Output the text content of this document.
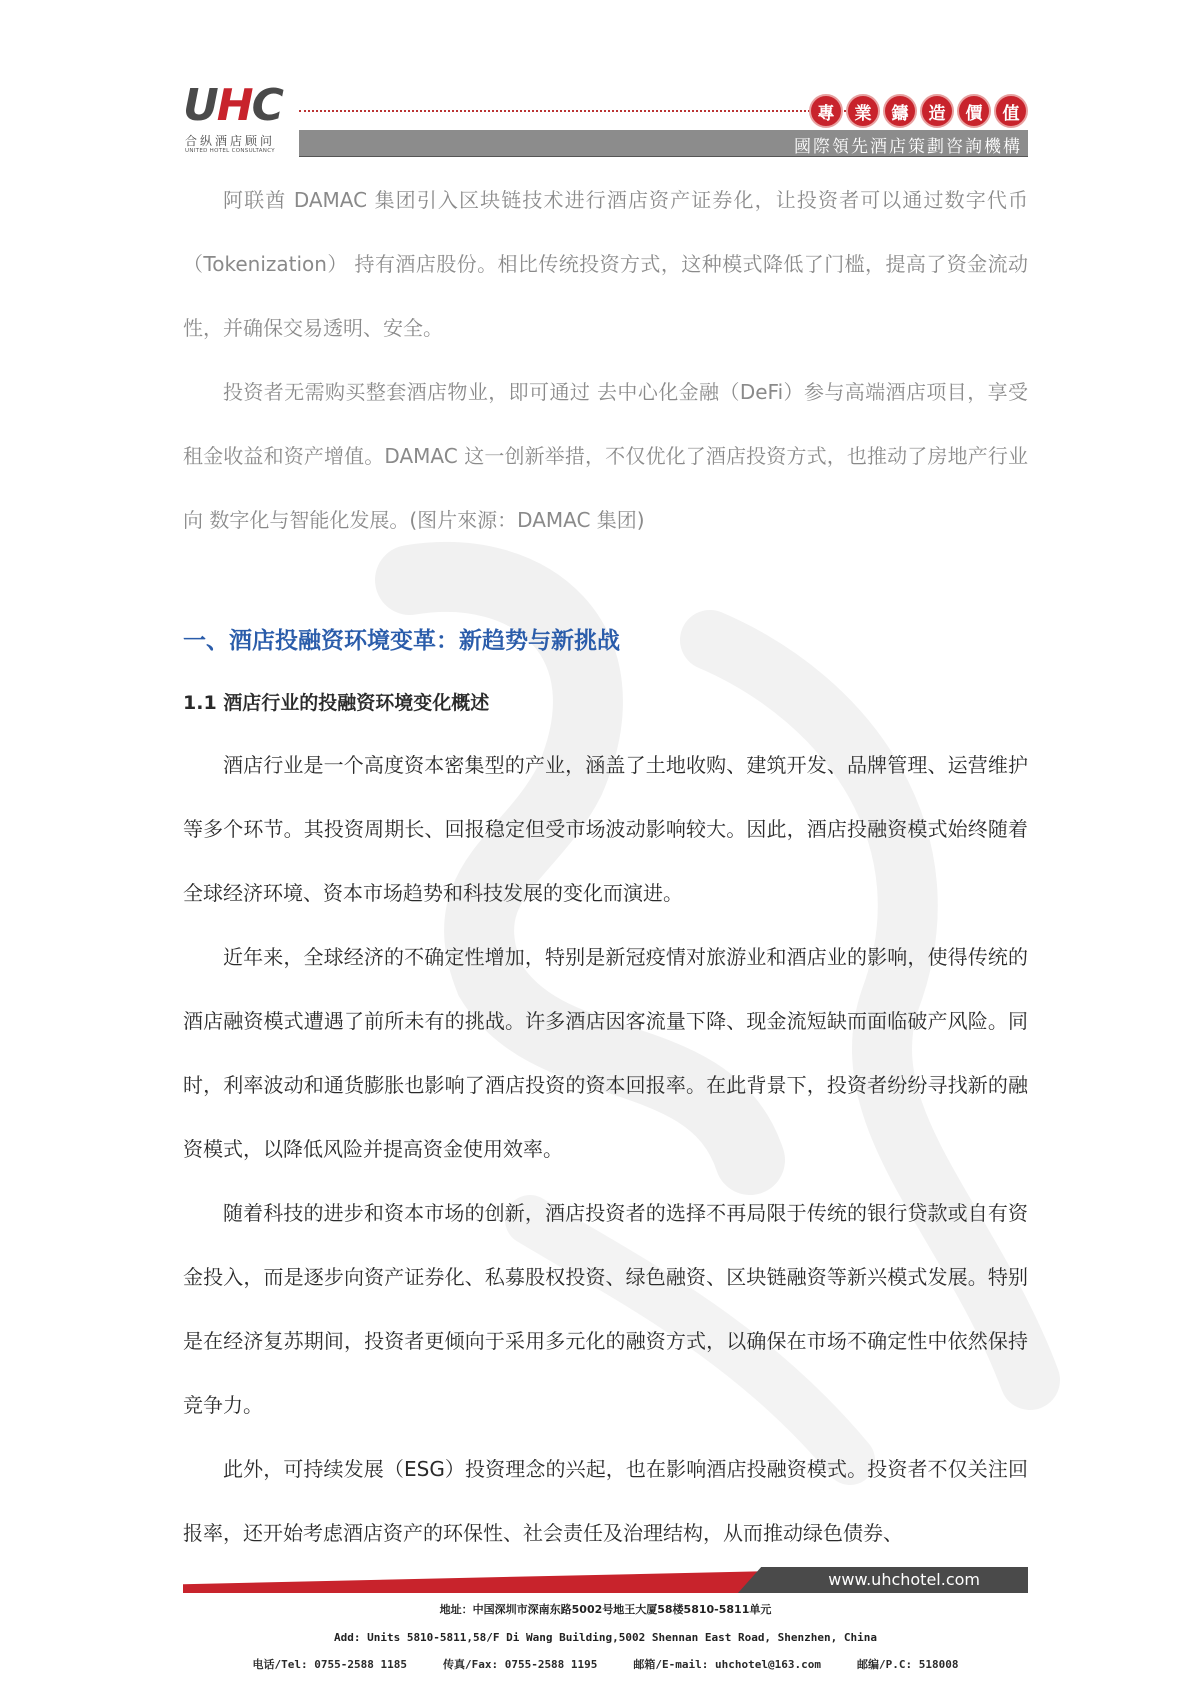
UHC
合纵酒店顾问
UNITED HOTEL CONSULTANCY
專	業	鑄	造	價	值
國際領先酒店策劃咨詢機構

阿联酋 DAMAC 集团引入区块链技术进行酒店资产证券化，让投资者可以通过数字代币（Tokenization） 持有酒店股份。相比传统投资方式，这种模式降低了门槛，提高了资金流动性，并确保交易透明、安全。

投资者无需购买整套酒店物业，即可通过 去中心化金融（DeFi）参与高端酒店项目，享受租金收益和资产增值。DAMAC 这一创新举措，不仅优化了酒店投资方式，也推动了房地产行业向 数字化与智能化发展。(图片來源：DAMAC 集团)

一、酒店投融资环境变革：新趋势与新挑战
1.1 酒店行业的投融资环境变化概述

酒店行业是一个高度资本密集型的产业，涵盖了土地收购、建筑开发、品牌管理、运营维护等多个环节。其投资周期长、回报稳定但受市场波动影响较大。因此，酒店投融资模式始终随着全球经济环境、资本市场趋势和科技发展的变化而演进。

近年来，全球经济的不确定性增加，特别是新冠疫情对旅游业和酒店业的影响，使得传统的酒店融资模式遭遇了前所未有的挑战。许多酒店因客流量下降、现金流短缺而面临破产风险。同时，利率波动和通货膨胀也影响了酒店投资的资本回报率。在此背景下，投资者纷纷寻找新的融资模式，以降低风险并提高资金使用效率。

随着科技的进步和资本市场的创新，酒店投资者的选择不再局限于传统的银行贷款或自有资金投入，而是逐步向资产证券化、私募股权投资、绿色融资、区块链融资等新兴模式发展。特别是在经济复苏期间，投资者更倾向于采用多元化的融资方式，以确保在市场不确定性中依然保持竞争力。

此外，可持续发展（ESG）投资理念的兴起，也在影响酒店投融资模式。投资者不仅关注回报率，还开始考虑酒店资产的环保性、社会责任及治理结构，从而推动绿色债券、

www.uhchotel.com
地址：中国深圳市深南东路5002号地王大厦58楼5810-5811单元
Add: Units 5810-5811,58/F Di Wang Building,5002 Shennan East Road, Shenzhen, China
电话/Tel: 0755-2588 1185	传真/Fax: 0755-2588 1195	邮箱/E-mail: uhchotel@163.com	邮编/P.C: 518008
